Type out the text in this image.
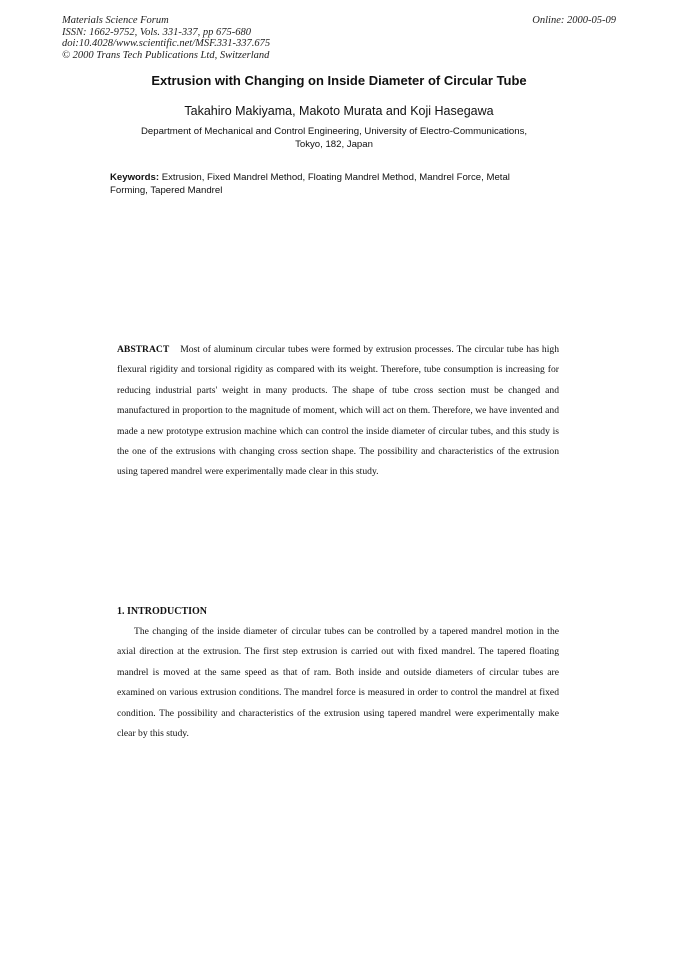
Materials Science Forum
ISSN: 1662-9752, Vols. 331-337, pp 675-680
doi:10.4028/www.scientific.net/MSF.331-337.675
© 2000 Trans Tech Publications Ltd, Switzerland
Online: 2000-05-09
Extrusion with Changing on Inside Diameter of Circular Tube
Takahiro Makiyama, Makoto Murata and Koji Hasegawa
Department of Mechanical and Control Engineering, University of Electro-Communications,
Tokyo, 182, Japan
Keywords: Extrusion, Fixed Mandrel Method, Floating Mandrel Method, Mandrel Force, Metal Forming, Tapered Mandrel
ABSTRACT Most of aluminum circular tubes were formed by extrusion processes. The circular tube has high flexural rigidity and torsional rigidity as compared with its weight. Therefore, tube consumption is increasing for reducing industrial parts' weight in many products. The shape of tube cross section must be changed and manufactured in proportion to the magnitude of moment, which will act on them. Therefore, we have invented and made a new prototype extrusion machine which can control the inside diameter of circular tubes, and this study is the one of the extrusions with changing cross section shape. The possibility and characteristics of the extrusion using tapered mandrel were experimentally made clear in this study.
1. INTRODUCTION
The changing of the inside diameter of circular tubes can be controlled by a tapered mandrel motion in the axial direction at the extrusion. The first step extrusion is carried out with fixed mandrel. The tapered floating mandrel is moved at the same speed as that of ram. Both inside and outside diameters of circular tubes are examined on various extrusion conditions. The mandrel force is measured in order to control the mandrel at fixed condition. The possibility and characteristics of the extrusion using tapered mandrel were experimentally make clear by this study.
